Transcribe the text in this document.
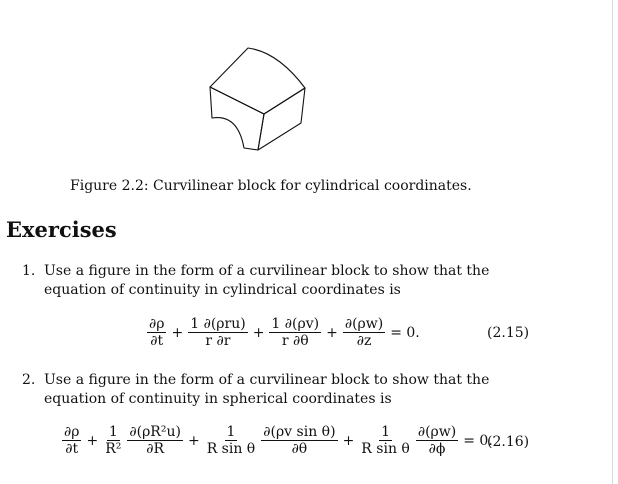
Figure 2.2: Curvilinear block for cylindrical coordinates.
Exercises
1. Use a figure in the form of a curvilinear block to show that the equation of continuity in cylindrical coordinates is
$\frac{\partial\rho}{\partial t} + \frac{\text{1 ∂(ρru)}}{r \partial r} + \frac{1 \partial(\rho v)}{r \partial\theta} + \frac{\partial(\rho w)}{\partial z} = 0$.	(2.15)
2. Use a figure in the form of a curvilinear block to show that the equation of continuity in spherical coordinates is
$\frac{\partial\rho}{\partial t} + \frac{1}{\text{R²}} \frac{\text{∂(ρR²u)}}{\partial R} + \frac{1}{\text{R sin θ}} \frac{\text{∂(ρv sin θ)}}{\partial\theta} + \frac{1}{\text{R sin θ}} \frac{\partial(\rho w)}{\partial\phi} = 0$.
(2.16)
